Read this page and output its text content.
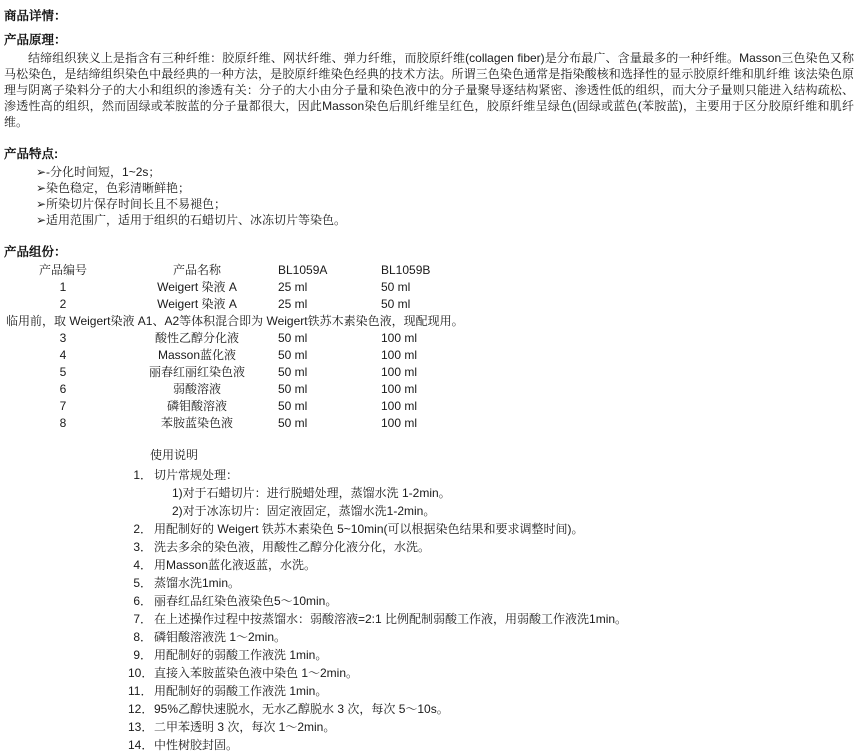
商品详情：
产品原理：
结缔组织狭义上是指含有三种纤维：胶原纤维、网状纤维、弹力纤维，而胶原纤维(collagen fiber)是分布最广、含量最多的一种纤维。Masson三色染色又称马松染色，是结缔组织染色中最经典的一种方法，是胶原纤维染色经典的技术方法。所谓三色染色通常是指染酸核和选择性的显示胶原纤维和肌纤维 该法染色原理与阴离子染料分子的大小和组织的渗透有关：分子的大小由分子量和染色液中的分子量聚导逐结构紧密、渗透性低的组织，而大分子量则只能进入结构疏松、渗透性高的组织，然而固绿或苯胺蓝的分子量都很大，因此Masson染色后肌纤维呈红色，胶原纤维呈绿色(固绿或蓝色(苯胺蓝)，主要用于区分胶原纤维和肌纤维。
产品特点:
➢-分化时间短，1~2s；
➢染色稳定，色彩清晰鲜艳；
➢所染切片保存时间长且不易褪色；
➢适用范围广，适用于组织的石蜡切片、冰冻切片等染色。
产品组份：
产品编号	产品名称	BL1059A	BL1059B
1	Weigert 染液 A	25 ml	50 ml
2	Weigert 染液 A	25 ml	50 ml
临用前，取 Weigert染液 A1、A2等体积混合即为 Weigert铁苏木素染色液，现配现用。			
3	酸性乙醇分化液	50 ml	100 ml
4	Masson蓝化液	50 ml	100 ml
5	丽春红丽红染色液	50 ml	100 ml
6	弱酸溶液	50 ml	100 ml
7	磷钼酸溶液	50 ml	100 ml
8	苯胺蓝染色液	50 ml	100 ml
使用说明
1． 切片常规处理：
1)对于石蜡切片：进行脱蜡处理，蒸馏水洗 1-2min。
2)对于冰冻切片：固定液固定，蒸馏水洗1-2min。
2． 用配制好的 Weigert 铁苏木素染色 5~10min(可以根据染色结果和要求调整时间)。
3． 洗去多余的染色液，用酸性乙醇分化液分化，水洗。
4． 用Masson蓝化液返蓝，水洗。
5． 蒸馏水洗1min。
6． 丽春红品红染色液染色5～10min。
7． 在上述操作过程中按蒸馏水：弱酸溶液=2:1 比例配制弱酸工作液，用弱酸工作液洗1min。
8． 磷钼酸溶液洗 1～2min。
9． 用配制好的弱酸工作液洗 1min。
10． 直接入苯胺蓝染色液中染色 1～2min。
11． 用配制好的弱酸工作液洗 1min。
12． 95%乙醇快速脱水，无水乙醇脱水 3 次，每次 5～10s。
13． 二甲苯透明 3 次，每次 1～2min。
14． 中性树胶封固。
